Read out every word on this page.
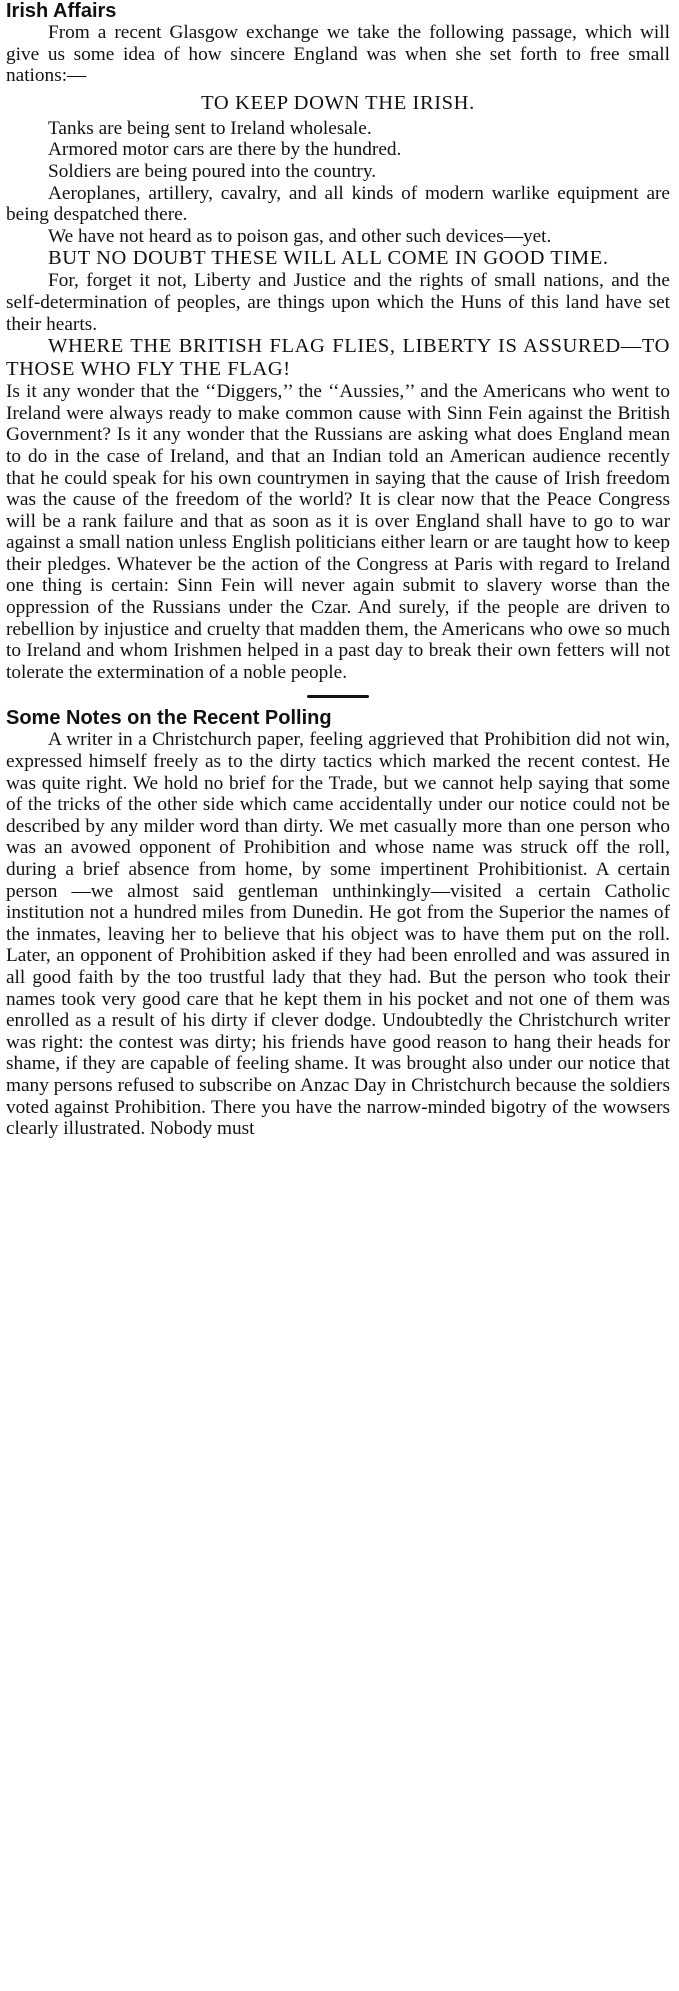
Irish Affairs

From a recent Glasgow exchange we take the following passage, which will give us some idea of how sincere England was when she set forth to free small nations:—

TO KEEP DOWN THE IRISH.

Tanks are being sent to Ireland wholesale.

Armored motor cars are there by the hundred.

Soldiers are being poured into the country.

Aeroplanes, artillery, cavalry, and all kinds of modern warlike equipment are being despatched there.

We have not heard as to poison gas, and other such devices—yet.

BUT NO DOUBT THESE WILL ALL COME IN GOOD TIME.

For, forget it not, Liberty and Justice and the rights of small nations, and the self-determination of peoples, are things upon which the Huns of this land have set their hearts.

WHERE THE BRITISH FLAG FLIES, LIBERTY IS ASSURED—TO THOSE WHO FLY THE FLAG!

Is it any wonder that the ‘‘Diggers,’’ the ‘‘Aussies,’’ and the Americans who went to Ireland were always ready to make common cause with Sinn Fein against the British Government? Is it any wonder that the Russians are asking what does England mean to do in the case of Ireland, and that an Indian told an American audience recently that he could speak for his own countrymen in saying that the cause of Irish freedom was the cause of the freedom of the world? It is clear now that the Peace Congress will be a rank failure and that as soon as it is over England shall have to go to war against a small nation unless English politicians either learn or are taught how to keep their pledges. Whatever be the action of the Congress at Paris with regard to Ireland one thing is certain: Sinn Fein will never again submit to slavery worse than the oppression of the Russians under the Czar. And surely, if the people are driven to rebellion by injustice and cruelty that madden them, the Americans who owe so much to Ireland and whom Irishmen helped in a past day to break their own fetters will not tolerate the extermination of a noble people.

Some Notes on the Recent Polling

A writer in a Christchurch paper, feeling aggrieved that Prohibition did not win, expressed himself freely as to the dirty tactics which marked the recent contest. He was quite right. We hold no brief for the Trade, but we cannot help saying that some of the tricks of the other side which came accidentally under our notice could not be described by any milder word than dirty. We met casually more than one person who was an avowed opponent of Prohibition and whose name was struck off the roll, during a brief absence from home, by some impertinent Prohibitionist. A certain person —we almost said gentleman unthinkingly—visited a certain Catholic institution not a hundred miles from Dunedin. He got from the Superior the names of the inmates, leaving her to believe that his object was to have them put on the roll. Later, an opponent of Prohibition asked if they had been enrolled and was assured in all good faith by the too trustful lady that they had. But the person who took their names took very good care that he kept them in his pocket and not one of them was enrolled as a result of his dirty if clever dodge. Undoubtedly the Christchurch writer was right: the contest was dirty; his friends have good reason to hang their heads for shame, if they are capable of feeling shame. It was brought also under our notice that many persons refused to subscribe on Anzac Day in Christchurch because the soldiers voted against Prohibition. There you have the narrow-minded bigotry of the wowsers clearly illustrated. Nobody must
